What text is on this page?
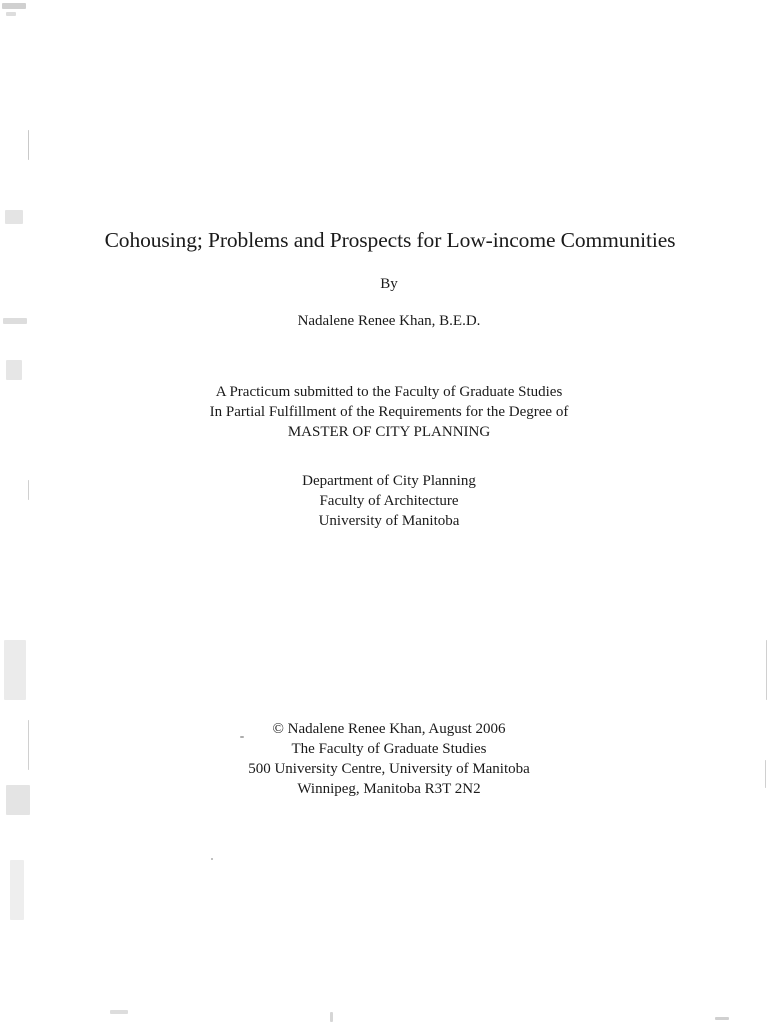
Cohousing; Problems and Prospects for Low-income Communities
By
Nadalene Renee Khan, B.E.D.
A Practicum submitted to the Faculty of Graduate Studies
In Partial Fulfillment of the Requirements for the Degree of
MASTER OF CITY PLANNING
Department of City Planning
Faculty of Architecture
University of Manitoba
© Nadalene Renee Khan, August 2006
The Faculty of Graduate Studies
500 University Centre, University of Manitoba
Winnipeg, Manitoba R3T 2N2
